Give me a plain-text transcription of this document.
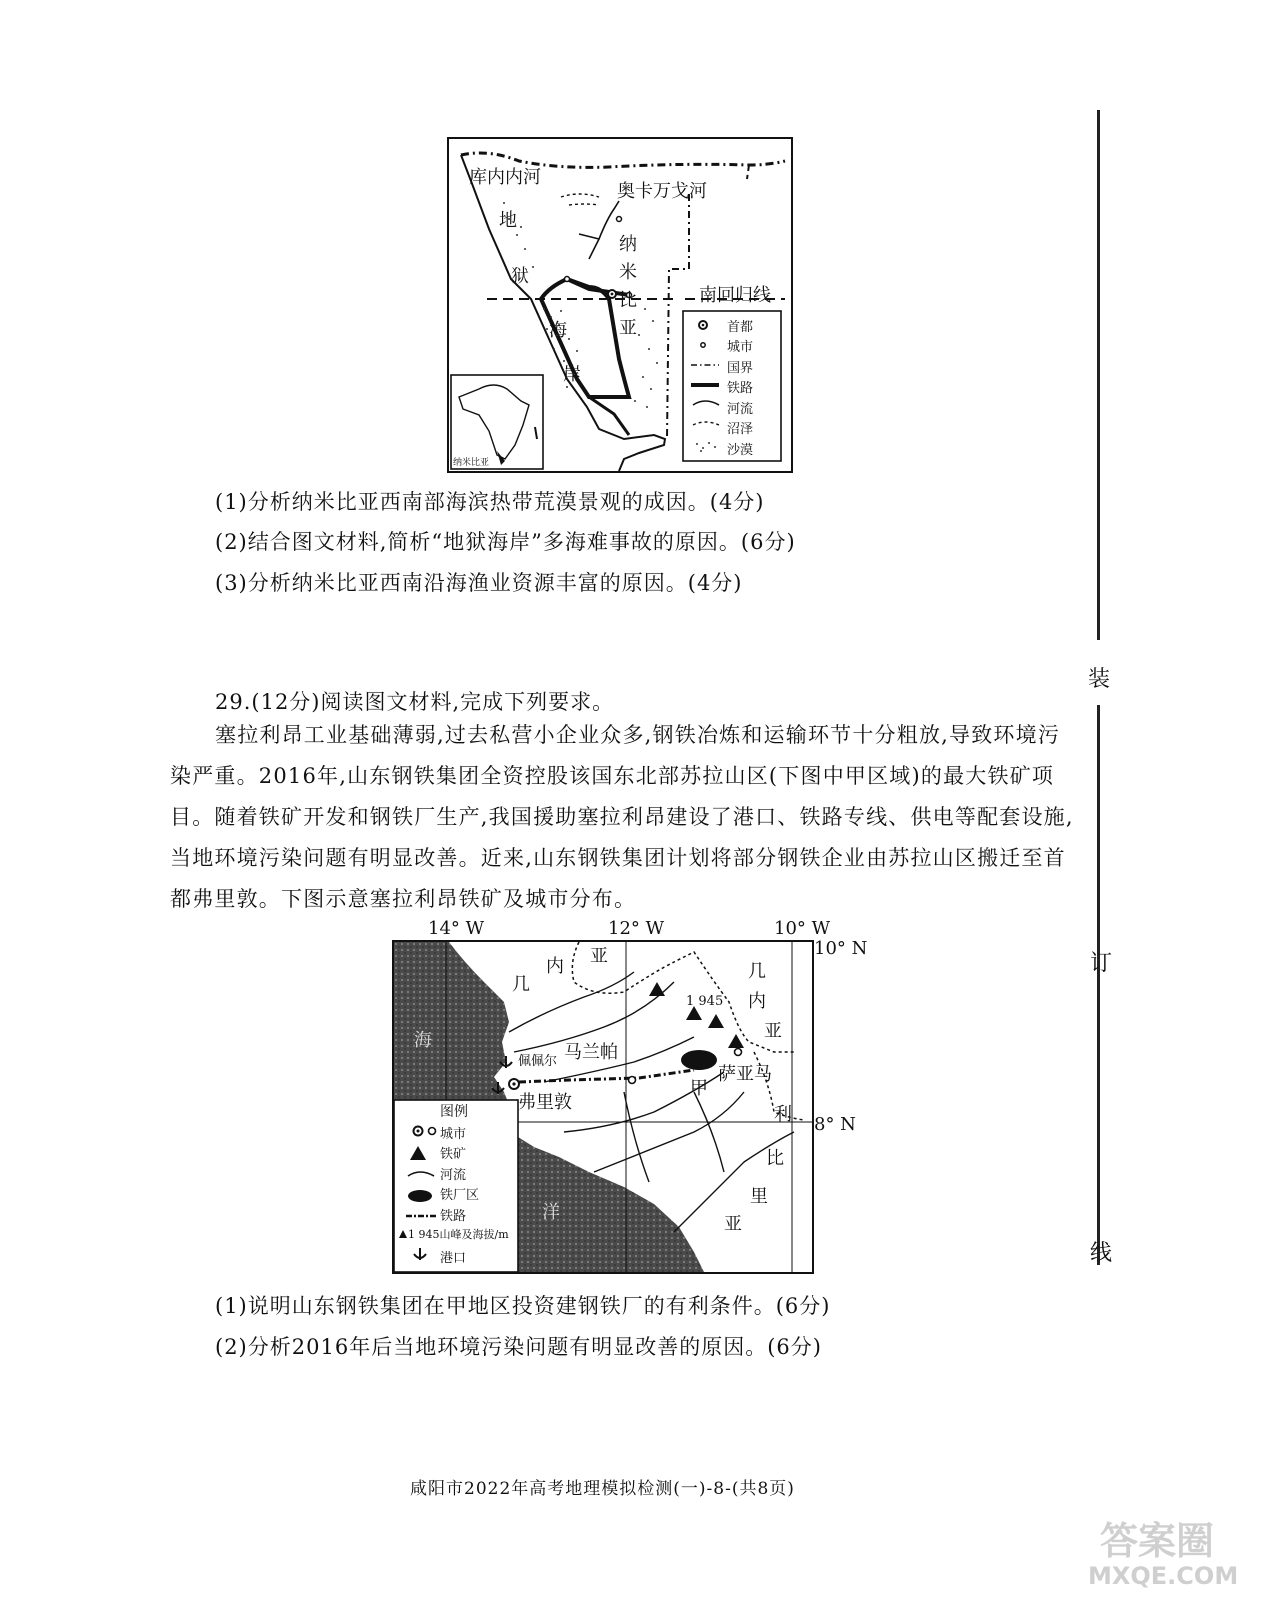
库内内河
奥卡万戈河
南回归线
地
狱
海
岸
纳
米
比
亚
纳米比亚
首都
城市
国界
铁路
河流
沼泽
沙漠
(1)分析纳米比亚西南部海滨热带荒漠景观的成因。(4分)
(2)结合图文材料,简析“地狱海岸”多海难事故的原因。(6分)
(3)分析纳米比亚西南沿海渔业资源丰富的原因。(4分)
29.(12分)阅读图文材料,完成下列要求。
塞拉利昂工业基础薄弱,过去私营小企业众多,钢铁冶炼和运输环节十分粗放,导致环境污染严重。2016年,山东钢铁集团全资控股该国东北部苏拉山区(下图中甲区域)的最大铁矿项目。随着铁矿开发和钢铁厂生产,我国援助塞拉利昂建设了港口、铁路专线、供电等配套设施,当地环境污染问题有明显改善。近来,山东钢铁集团计划将部分钢铁企业由苏拉山区搬迁至首都弗里敦。下图示意塞拉利昂铁矿及城市分布。
14° W	12° W	10° W
10° N
8° N
海
洋
几
内 亚
几
内
亚
利
比
里
亚
佩佩尔 马兰帕
弗里敦
甲
萨亚马
1 945
图例
城市
铁矿
河流
铁厂区
铁路
1 945山峰及海拔/m
港口
(1)说明山东钢铁集团在甲地区投资建钢铁厂的有利条件。(6分)
(2)分析2016年后当地环境污染问题有明显改善的原因。(6分)
咸阳市2022年高考地理模拟检测(一)-8-(共8页)
答案圈
MXQE.COM
装
订
线
